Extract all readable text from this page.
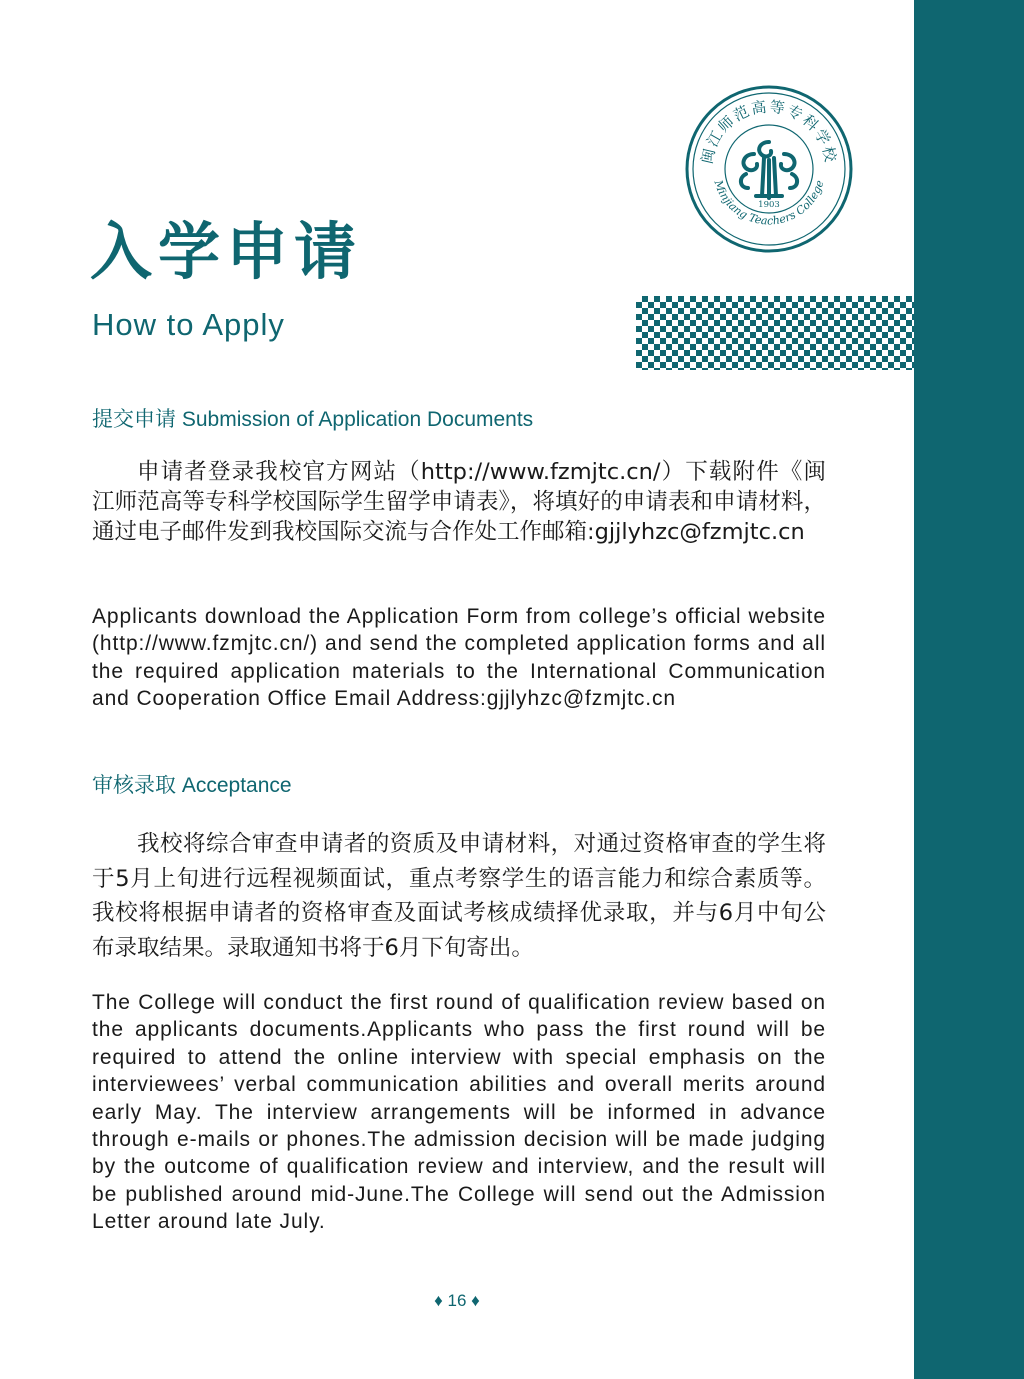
闽江师范高等专科学校
Minjiang Teachers College
1903
入学申请
How to Apply
提交申请 Submission of Application Documents

申请者登录我校官方网站（http://www.fzmjtc.cn/）下载附件《闽江师范高等专科学校国际学生留学申请表》，将填好的申请表和申请材料，通过电子邮件发到我校国际交流与合作处工作邮箱:gjjlyhzc@fzmjtc.cn

Applicants download the Application Form from college’s official website (http://www.fzmjtc.cn/) and send the completed application forms and all the required application materials to the International Communication and Cooperation Office Email Address:gjjlyhzc@fzmjtc.cn

审核录取 Acceptance

我校将综合审查申请者的资质及申请材料，对通过资格审查的学生将于5月上旬进行远程视频面试，重点考察学生的语言能力和综合素质等。我校将根据申请者的资格审查及面试考核成绩择优录取，并与6月中旬公布录取结果。录取通知书将于6月下旬寄出。

The College will conduct the first round of qualification review based on the applicants documents.Applicants who pass the first round will be required to attend the online interview with special emphasis on the interviewees’ verbal communication abilities and overall merits around early May. The interview arrangements will be informed in advance through e-mails or phones.The admission decision will be made judging by the outcome of qualification review and interview, and the result will be published around mid-June.The College will send out the Admission Letter around late July.

♦ 16 ♦
